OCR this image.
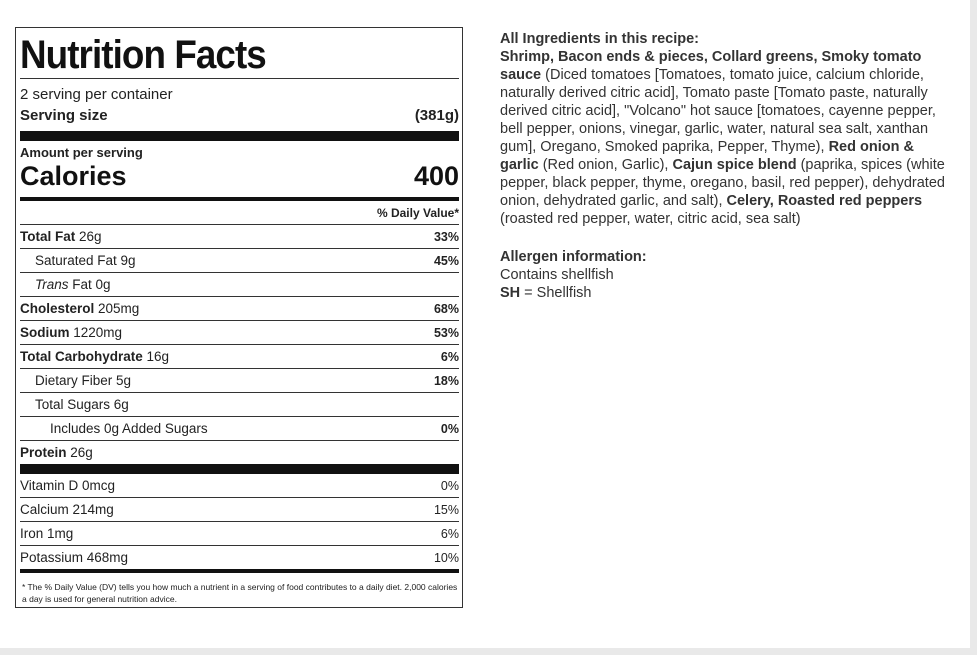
Nutrition Facts
2 serving per container
Serving size	(381g)
Amount per serving
Calories	400
% Daily Value*
Total Fat 26g	33%
Saturated Fat 9g	45%
Trans Fat 0g
Cholesterol 205mg	68%
Sodium 1220mg	53%
Total Carbohydrate 16g	6%
Dietary Fiber 5g	18%
Total Sugars 6g
Includes 0g Added Sugars	0%
Protein 26g
Vitamin D 0mcg	0%
Calcium 214mg	15%
Iron 1mg	6%
Potassium 468mg	10%
* The % Daily Value (DV) tells you how much a nutrient in a serving of food contributes to a daily diet. 2,000 calories a day is used for general nutrition advice.
All Ingredients in this recipe:
Shrimp, Bacon ends & pieces, Collard greens, Smoky tomato sauce (Diced tomatoes [Tomatoes, tomato juice, calcium chloride, naturally derived citric acid], Tomato paste [Tomato paste, naturally derived citric acid], "Volcano" hot sauce [tomatoes, cayenne pepper, bell pepper, onions, vinegar, garlic, water, natural sea salt, xanthan gum], Oregano, Smoked paprika, Pepper, Thyme), Red onion & garlic (Red onion, Garlic), Cajun spice blend (paprika, spices (white pepper, black pepper, thyme, oregano, basil, red pepper), dehydrated onion, dehydrated garlic, and salt), Celery, Roasted red peppers (roasted red pepper, water, citric acid, sea salt)
Allergen information:
Contains shellfish
SH = Shellfish
